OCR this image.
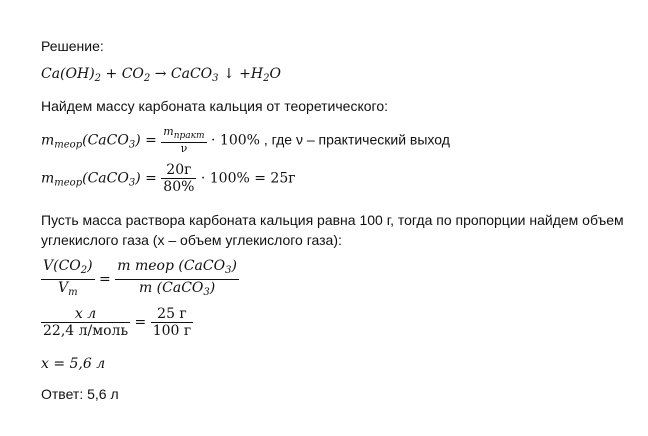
Решение:
$Ca(OH)_2 + CO_2$ → CaCO$_3$ ↓ $+H_2O$
Найдем массу карбоната кальция от теоретического:
$m_{теор}(CaCO_3) = \frac{m_{практ}}{\nu} \cdot 100\%$ , где ν – практический выход
$m_{теор}(CaCO_3) = \frac{20г}{80\%} \cdot 100\% = 25г$
Пусть масса раствора карбоната кальция равна 100 г, тогда по пропорции найдем объем
углекислого газа (х – объем углекислого газа):
$\frac{V(CO_2)}{V_m} = \frac{m теор (CaCO_3)}{m (CaCO_3)}$
$\frac{\text{x л}}{\text{22,4 л/моль}} = \frac{25 г}{100 г}$
x = 5,6 л
Ответ: 5,6 л
